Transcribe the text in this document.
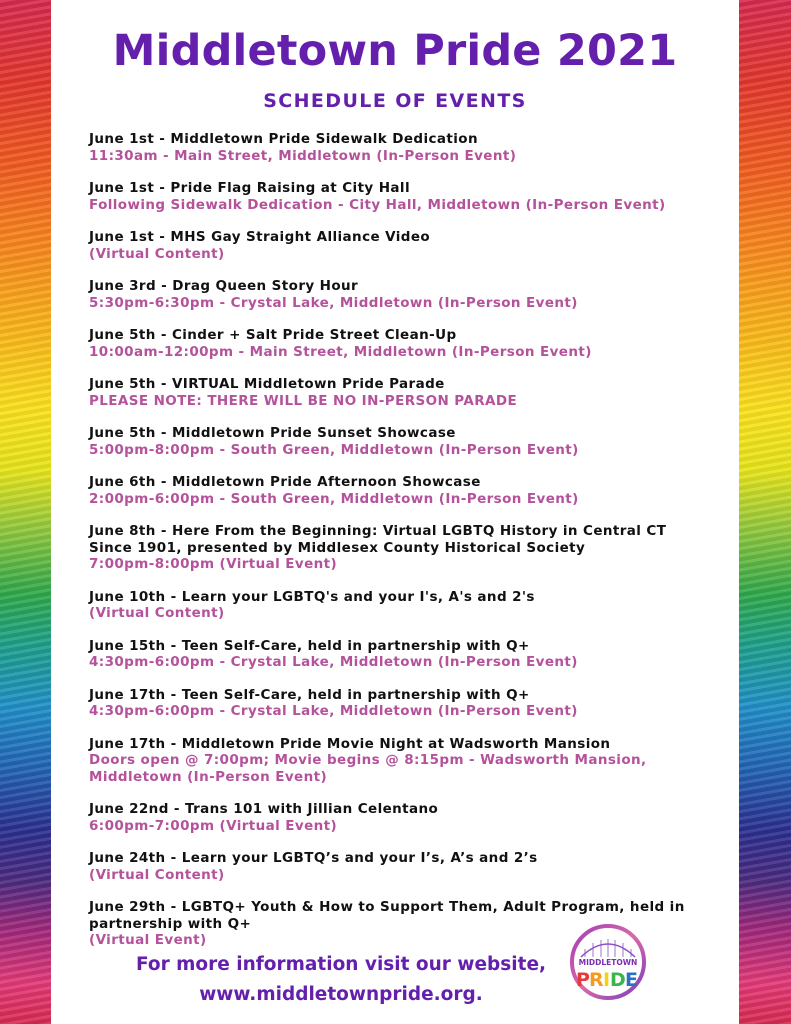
Middletown Pride 2021
SCHEDULE OF EVENTS
June 1st - Middletown Pride Sidewalk Dedication
11:30am - Main Street, Middletown (In-Person Event)
June 1st - Pride Flag Raising at City Hall
Following Sidewalk Dedication - City Hall, Middletown (In-Person Event)
June 1st - MHS Gay Straight Alliance Video
(Virtual Content)
June 3rd - Drag Queen Story Hour
5:30pm-6:30pm - Crystal Lake, Middletown (In-Person Event)
June 5th - Cinder + Salt Pride Street Clean-Up
10:00am-12:00pm - Main Street, Middletown (In-Person Event)
June 5th - VIRTUAL Middletown Pride Parade
PLEASE NOTE: THERE WILL BE NO IN-PERSON PARADE
June 5th - Middletown Pride Sunset Showcase
5:00pm-8:00pm - South Green, Middletown (In-Person Event)
June 6th - Middletown Pride Afternoon Showcase
2:00pm-6:00pm - South Green, Middletown (In-Person Event)
June 8th - Here From the Beginning: Virtual LGBTQ History in Central CT Since 1901, presented by Middlesex County Historical Society
7:00pm-8:00pm (Virtual Event)
June 10th - Learn your LGBTQ's and your I's, A's and 2's
(Virtual Content)
June 15th - Teen Self-Care, held in partnership with Q+
4:30pm-6:00pm - Crystal Lake, Middletown (In-Person Event)
June 17th - Teen Self-Care, held in partnership with Q+
4:30pm-6:00pm - Crystal Lake, Middletown (In-Person Event)
June 17th - Middletown Pride Movie Night at Wadsworth Mansion
Doors open @ 7:00pm; Movie begins @ 8:15pm - Wadsworth Mansion, Middletown (In-Person Event)
June 22nd - Trans 101 with Jillian Celentano
6:00pm-7:00pm (Virtual Event)
June 24th - Learn your LGBTQ’s and your I’s, A’s and 2’s
(Virtual Content)
June 29th - LGBTQ+ Youth & How to Support Them, Adult Program, held in partnership with Q+
(Virtual Event)
For more information visit our website,
www.middletownpride.org.
MIDDLETOWN
P R I D E
